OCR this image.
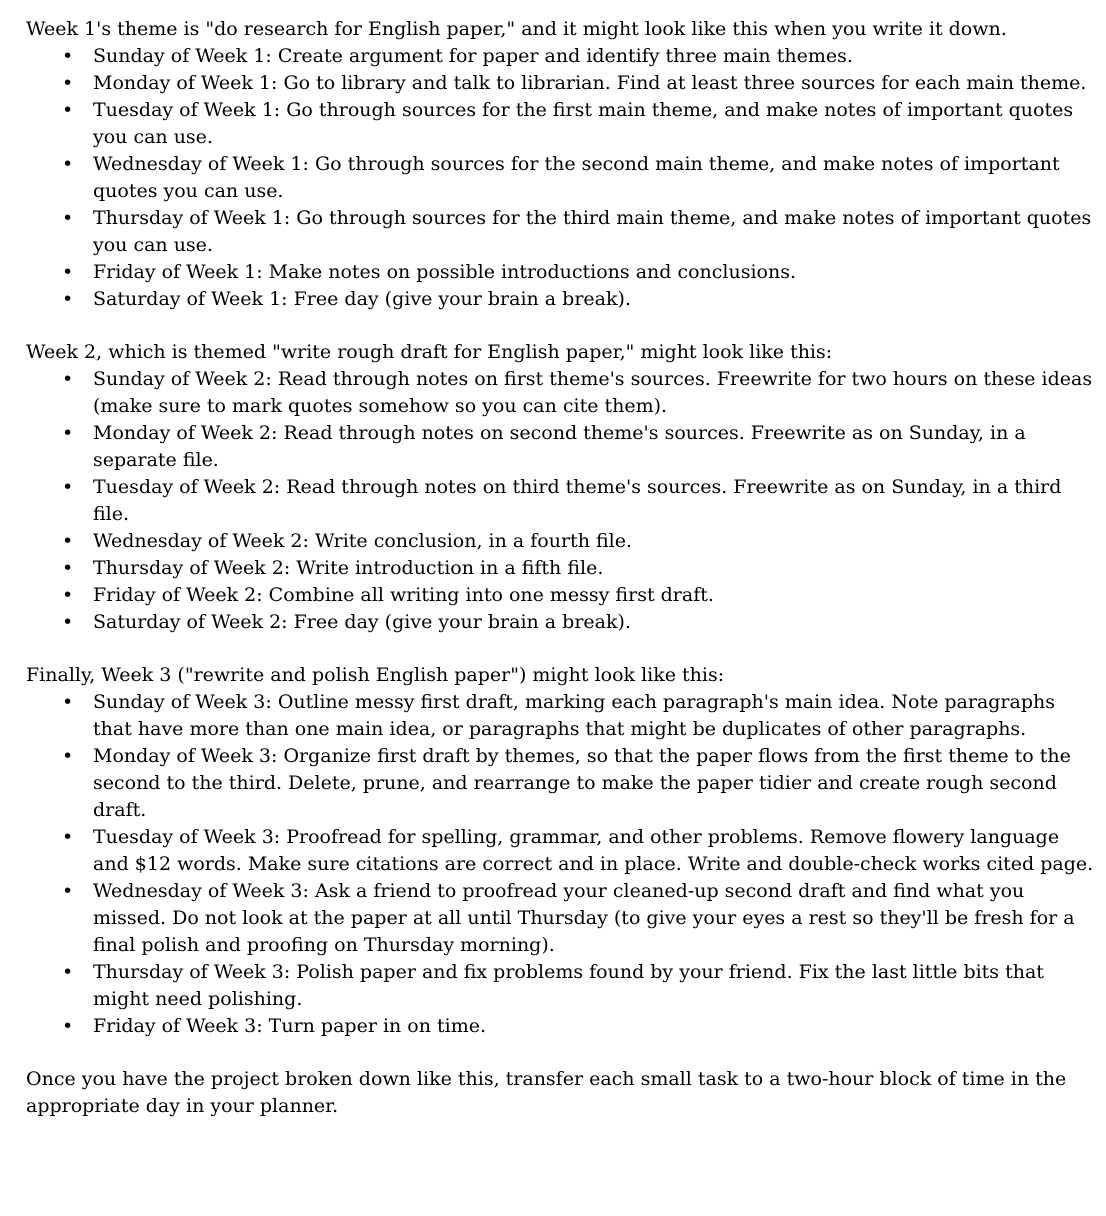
Week 1's theme is "do research for English paper," and it might look like this when you write it down.

• Sunday of Week 1: Create argument for paper and identify three main themes.
• Monday of Week 1: Go to library and talk to librarian. Find at least three sources for each main theme.
• Tuesday of Week 1: Go through sources for the first main theme, and make notes of important quotes you can use.
• Wednesday of Week 1: Go through sources for the second main theme, and make notes of important quotes you can use.
• Thursday of Week 1: Go through sources for the third main theme, and make notes of important quotes you can use.
• Friday of Week 1: Make notes on possible introductions and conclusions.
• Saturday of Week 1: Free day (give your brain a break).

Week 2, which is themed "write rough draft for English paper," might look like this:

• Sunday of Week 2: Read through notes on first theme's sources. Freewrite for two hours on these ideas (make sure to mark quotes somehow so you can cite them).
• Monday of Week 2: Read through notes on second theme's sources. Freewrite as on Sunday, in a separate file.
• Tuesday of Week 2: Read through notes on third theme's sources. Freewrite as on Sunday, in a third file.
• Wednesday of Week 2: Write conclusion, in a fourth file.
• Thursday of Week 2: Write introduction in a fifth file.
• Friday of Week 2: Combine all writing into one messy first draft.
• Saturday of Week 2: Free day (give your brain a break).

Finally, Week 3 ("rewrite and polish English paper") might look like this:

• Sunday of Week 3: Outline messy first draft, marking each paragraph's main idea. Note paragraphs that have more than one main idea, or paragraphs that might be duplicates of other paragraphs.
• Monday of Week 3: Organize first draft by themes, so that the paper flows from the first theme to the second to the third. Delete, prune, and rearrange to make the paper tidier and create rough second draft.
• Tuesday of Week 3: Proofread for spelling, grammar, and other problems. Remove flowery language and $12 words. Make sure citations are correct and in place. Write and double-check works cited page.
• Wednesday of Week 3: Ask a friend to proofread your cleaned-up second draft and find what you missed. Do not look at the paper at all until Thursday (to give your eyes a rest so they'll be fresh for a final polish and proofing on Thursday morning).
• Thursday of Week 3: Polish paper and fix problems found by your friend. Fix the last little bits that might need polishing.
• Friday of Week 3: Turn paper in on time.

Once you have the project broken down like this, transfer each small task to a two-hour block of time in the appropriate day in your planner.
